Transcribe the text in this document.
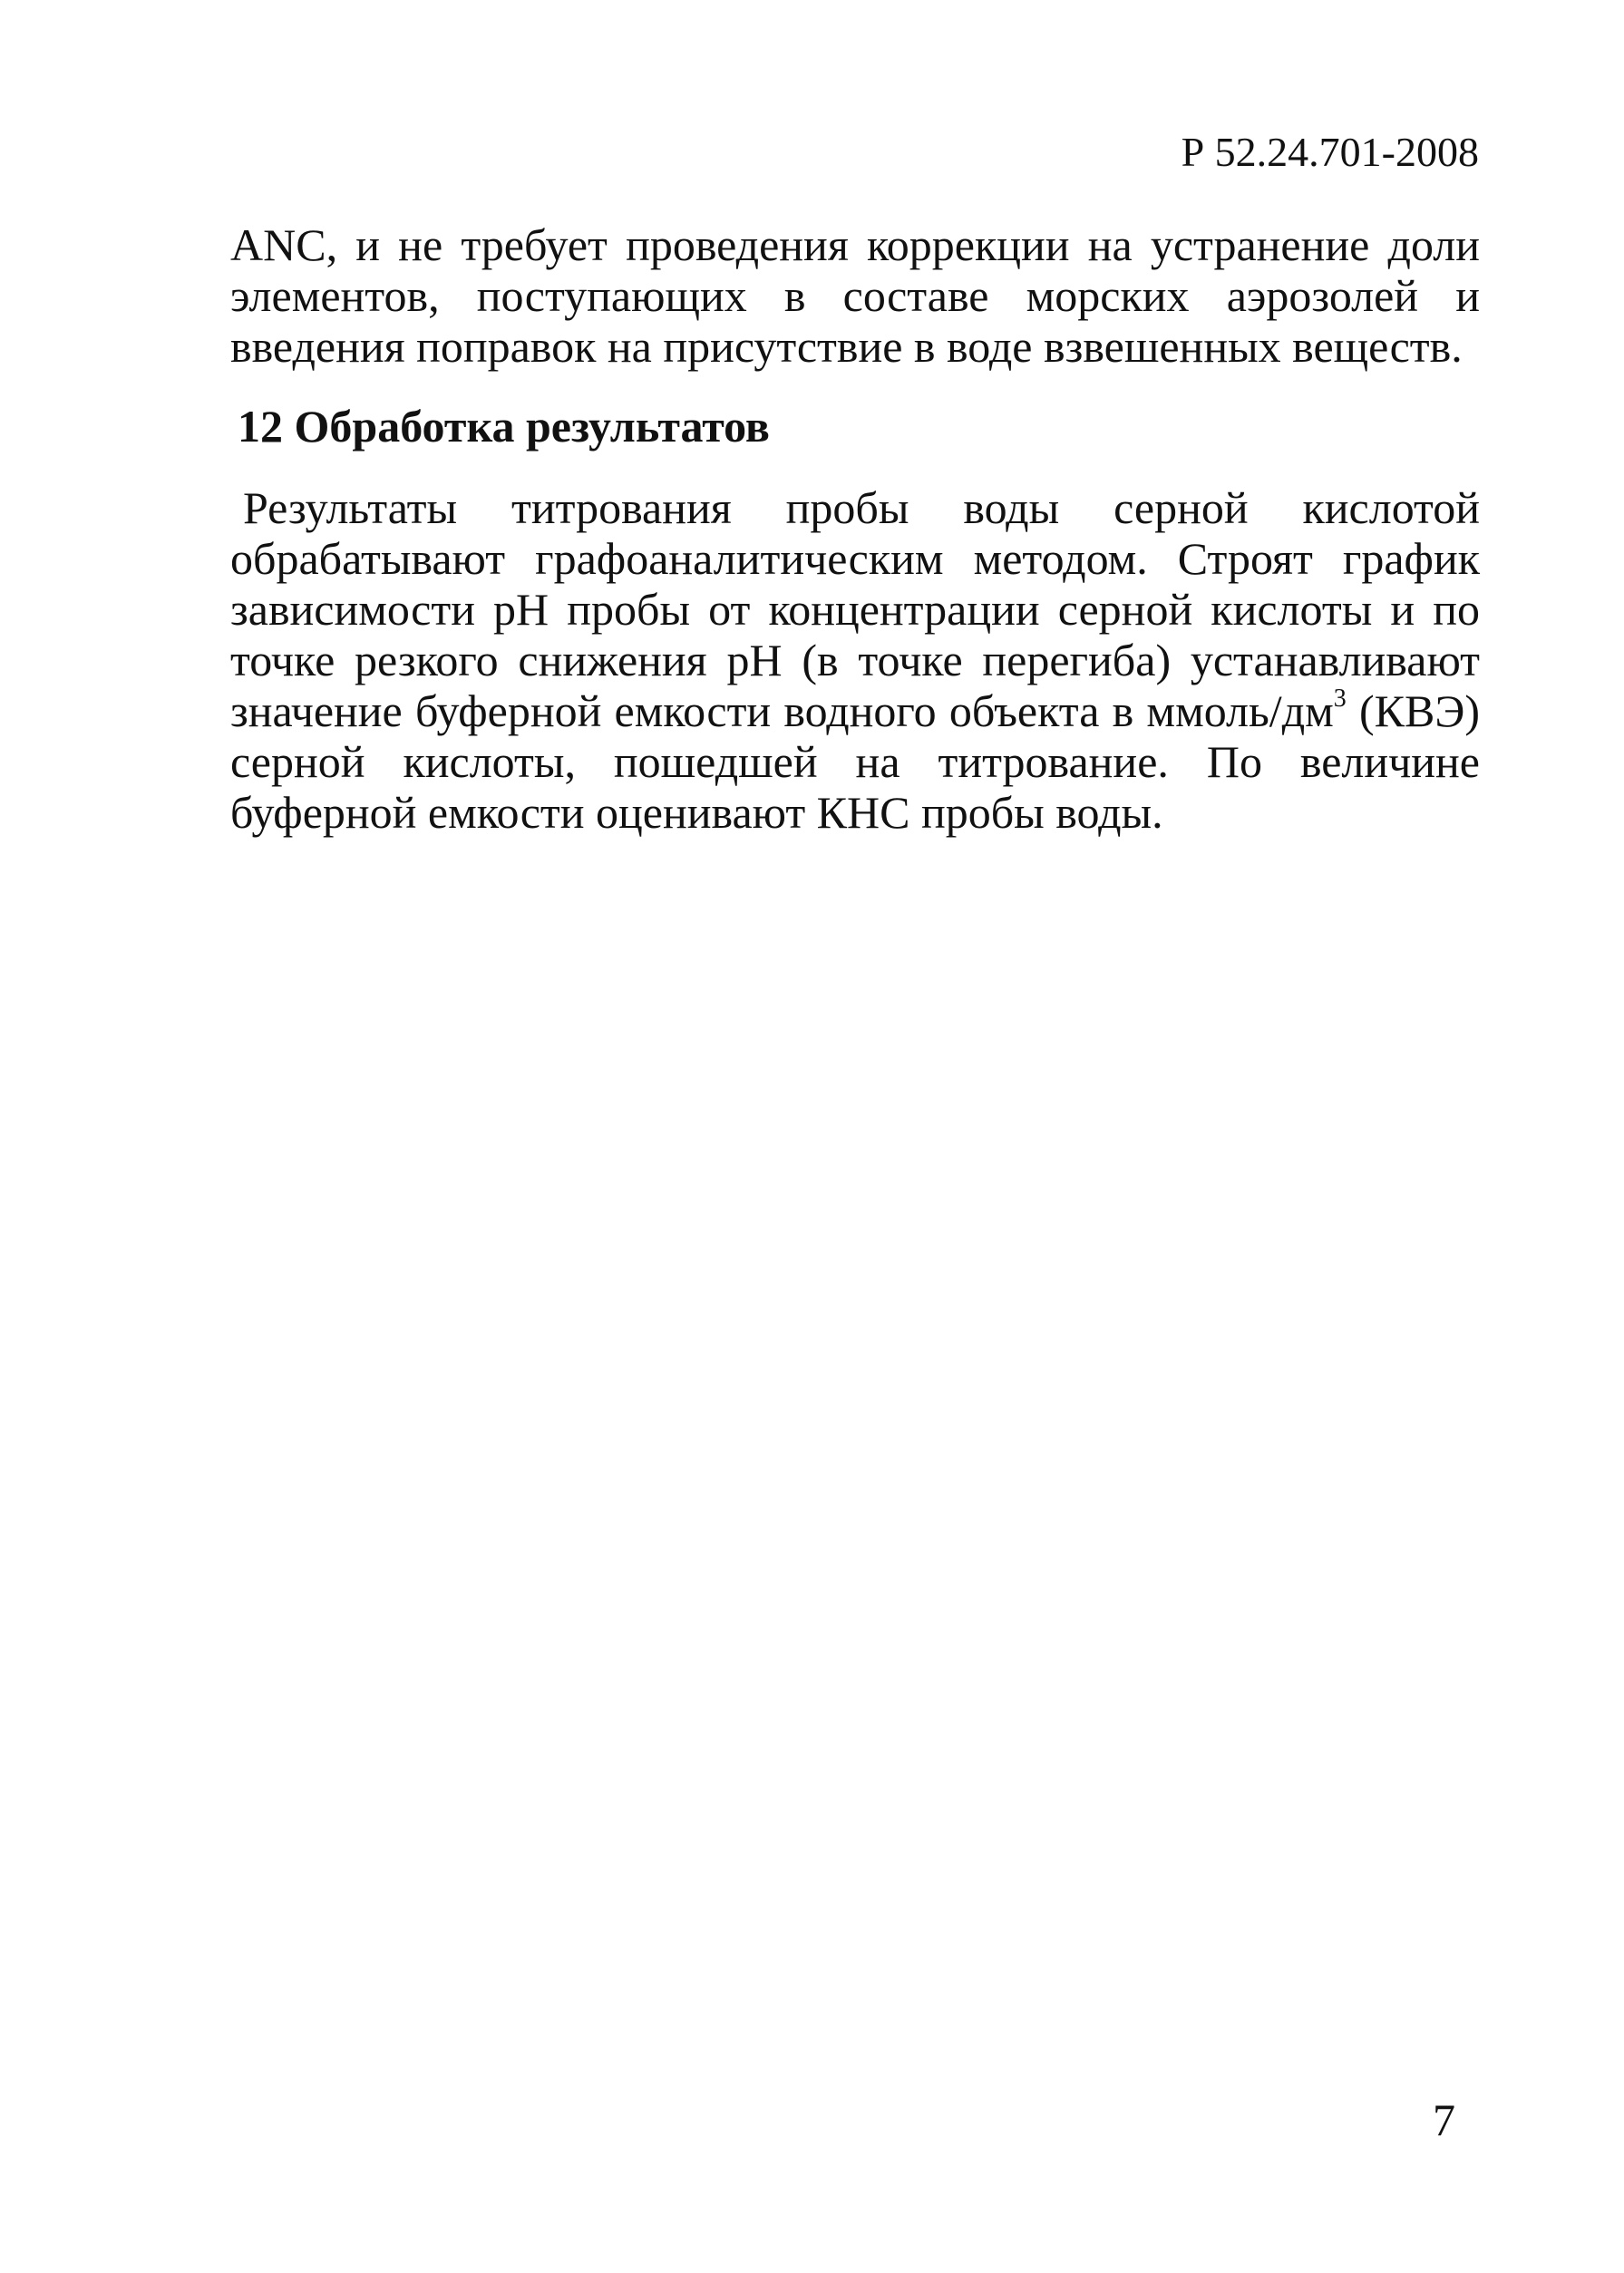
Р 52.24.701-2008

ANC, и не требует проведения коррекции на устранение доли элементов, поступающих в составе морских аэрозолей и введения поправок на присутствие в воде взвешенных веществ.

12 Обработка результатов

Результаты титрования пробы воды серной кислотой обрабатывают графоаналитическим методом. Строят график зависимости pH пробы от концентрации серной кислоты и по точке резкого снижения pH (в точке перегиба) устанавливают значение буферной емкости водного объекта в ммоль/$дм^3$ (КВЭ) серной кислоты, пошедшей на титрование. По величине буферной емкости оценивают КНС пробы воды.

7
